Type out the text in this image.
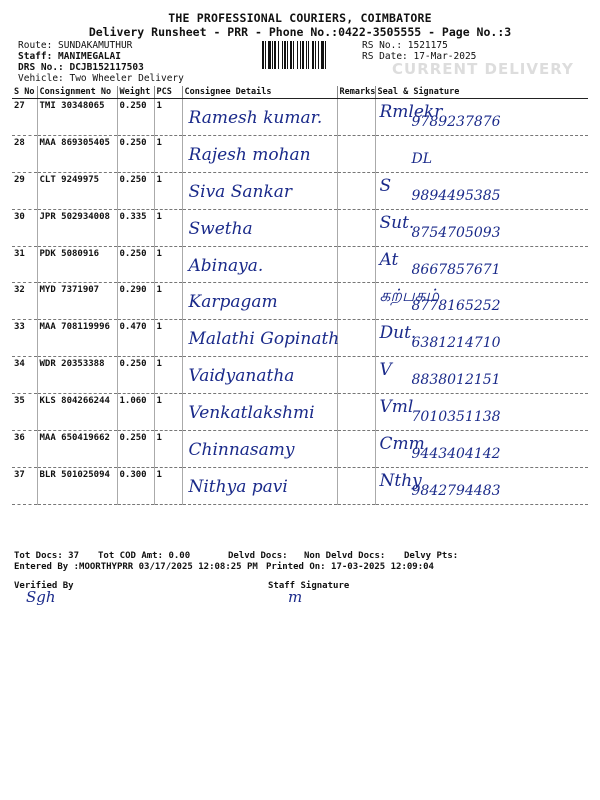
THE PROFESSIONAL COURIERS, COIMBATORE
Delivery Runsheet - PRR - Phone No.:0422-3505555 - Page No.:3
Route: SUNDAKAMUTHUR
Staff: MANIMEGALAI
DRS No.: DCJB152117503
Vehicle: Two Wheeler Delivery
RS No.: 1521175
RS Date: 17-Mar-2025
CURRENT DELIVERY
S No	Consignment No	Weight	PCS	Consignee Details	Remarks	Seal & Signature
27	TMI 30348065	0.250	1	Ramesh kumar.		Rmlekr
9789237876

28	MAA 869305405	0.250	1	Rajesh mohan		DL

29	CLT 9249975	0.250	1	Siva Sankar		S 9894495385

30	JPR 502934008	0.335	1	Swetha		Sut.
8754705093

31	PDK 5080916	0.250	1	Abinaya.		At 8667857671

32	MYD 7371907	0.290	1	Karpagam		கற்பகம்
8778165252

33	MAA 708119996	0.470	1	Malathi Gopinath		Dut.
6381214710

34	WDR 20353388	0.250	1	Vaidyanatha		V 8838012151

35	KLS 804266244	1.060	1	Venkatlakshmi		Vml
7010351138

36	MAA 650419662	0.250	1	Chinnasamy		Cmm
9443404142

37	BLR 501025094	0.300	1	Nithya pavi		Nthy
9842794483
Tot Docs: 37 Tot COD Amt: 0.00	Delvd Docs: Non Delvd Docs: Delvy Pts:
Entered By :MOORTHYPRR 03/17/2025 12:08:25 PM Printed On: 17-03-2025 12:09:04
Verified By
Sgh
Staff Signature
m
